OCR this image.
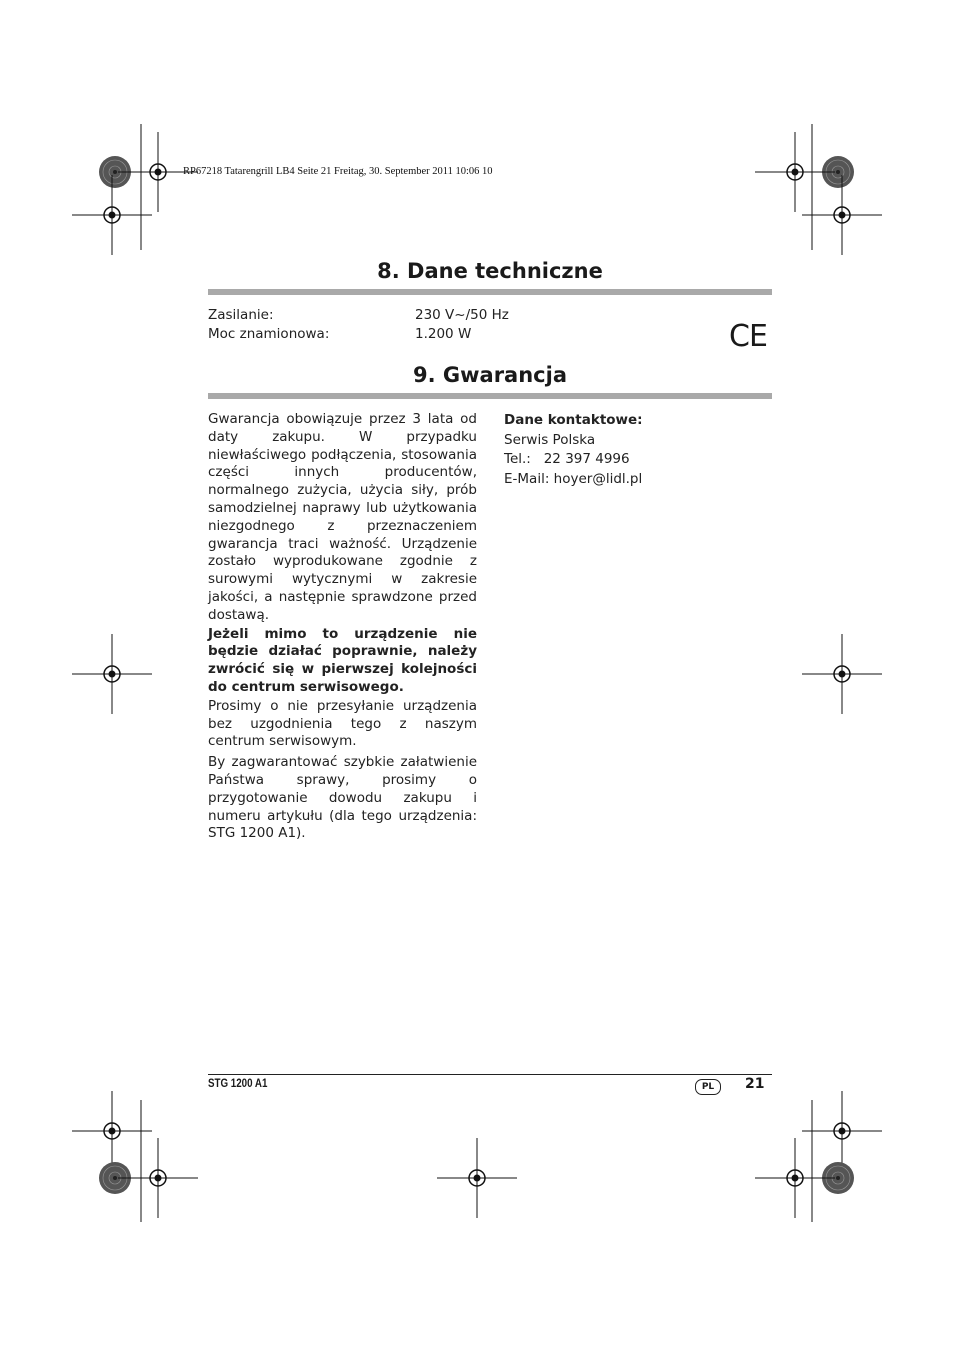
RP67218 Tatarengrill LB4 Seite 21 Freitag, 30. September 2011 10:06 10
8. Dane techniczne
Zasilanie:	230 V~/50 Hz
Moc znamionowa:	1.200 W	CE
9. Gwarancja

Gwarancja obowiązuje przez 3 lata od daty zakupu. W przypadku niewłaściwego podłączenia, stosowania części innych producentów, normalnego zużycia, użycia siły, prób samodzielnej naprawy lub użytkowania niezgodnego z przeznaczeniem gwarancja traci ważność. Urządzenie zostało wyprodukowane zgodnie z surowymi wytycznymi w zakresie jakości, a następnie sprawdzone przed dostawą.

Jeżeli mimo to urządzenie nie będzie działać poprawnie, należy zwrócić się w pierwszej kolejności do centrum serwisowego.

Prosimy o nie przesyłanie urządzenia bez uzgodnienia tego z naszym centrum serwisowym.

By zagwarantować szybkie załatwienie Państwa sprawy, prosimy o przygotowanie dowodu zakupu i numeru artykułu (dla tego urządzenia: STG 1200 A1).

Dane kontaktowe:
Serwis Polska
Tel.:   22 397 4996
E-Mail: hoyer@lidl.pl
STG 1200 A1	PL	21
